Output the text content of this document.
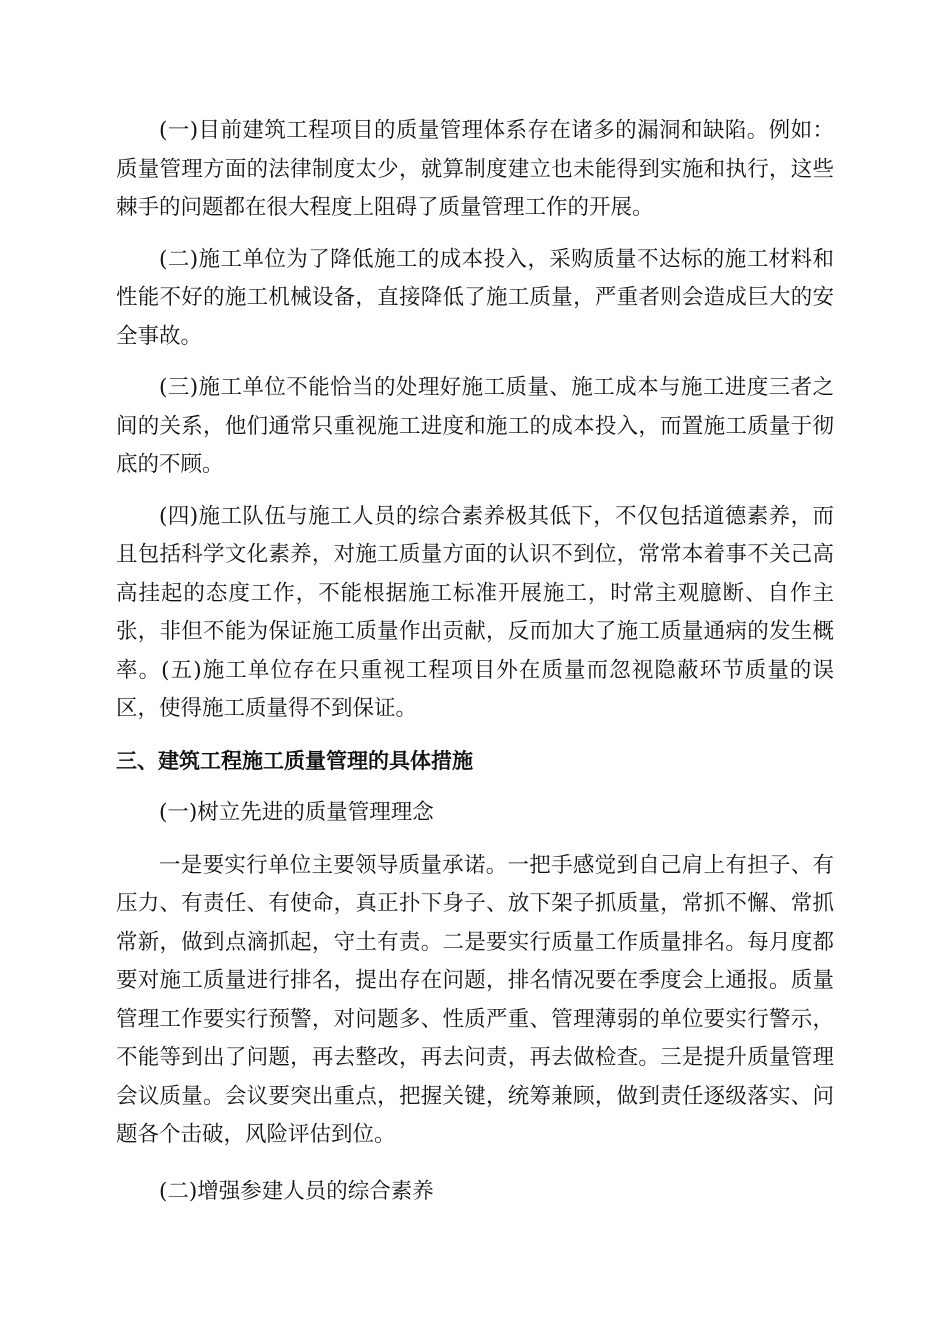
(一)目前建筑工程项目的质量管理体系存在诸多的漏洞和缺陷。例如：质量管理方面的法律制度太少，就算制度建立也未能得到实施和执行，这些棘手的问题都在很大程度上阻碍了质量管理工作的开展。

(二)施工单位为了降低施工的成本投入，采购质量不达标的施工材料和性能不好的施工机械设备，直接降低了施工质量，严重者则会造成巨大的安全事故。

(三)施工单位不能恰当的处理好施工质量、施工成本与施工进度三者之间的关系，他们通常只重视施工进度和施工的成本投入，而置施工质量于彻底的不顾。

(四)施工队伍与施工人员的综合素养极其低下，不仅包括道德素养，而且包括科学文化素养，对施工质量方面的认识不到位，常常本着事不关己高高挂起的态度工作，不能根据施工标准开展施工，时常主观臆断、自作主张，非但不能为保证施工质量作出贡献，反而加大了施工质量通病的发生概率。(五)施工单位存在只重视工程项目外在质量而忽视隐蔽环节质量的误区，使得施工质量得不到保证。

三、建筑工程施工质量管理的具体措施

(一)树立先进的质量管理理念

一是要实行单位主要领导质量承诺。一把手感觉到自己肩上有担子、有压力、有责任、有使命，真正扑下身子、放下架子抓质量，常抓不懈、常抓常新，做到点滴抓起，守土有责。二是要实行质量工作质量排名。每月度都要对施工质量进行排名，提出存在问题，排名情况要在季度会上通报。质量管理工作要实行预警，对问题多、性质严重、管理薄弱的单位要实行警示，不能等到出了问题，再去整改，再去问责，再去做检查。三是提升质量管理会议质量。会议要突出重点，把握关键，统筹兼顾，做到责任逐级落实、问题各个击破，风险评估到位。

(二)增强参建人员的综合素养
